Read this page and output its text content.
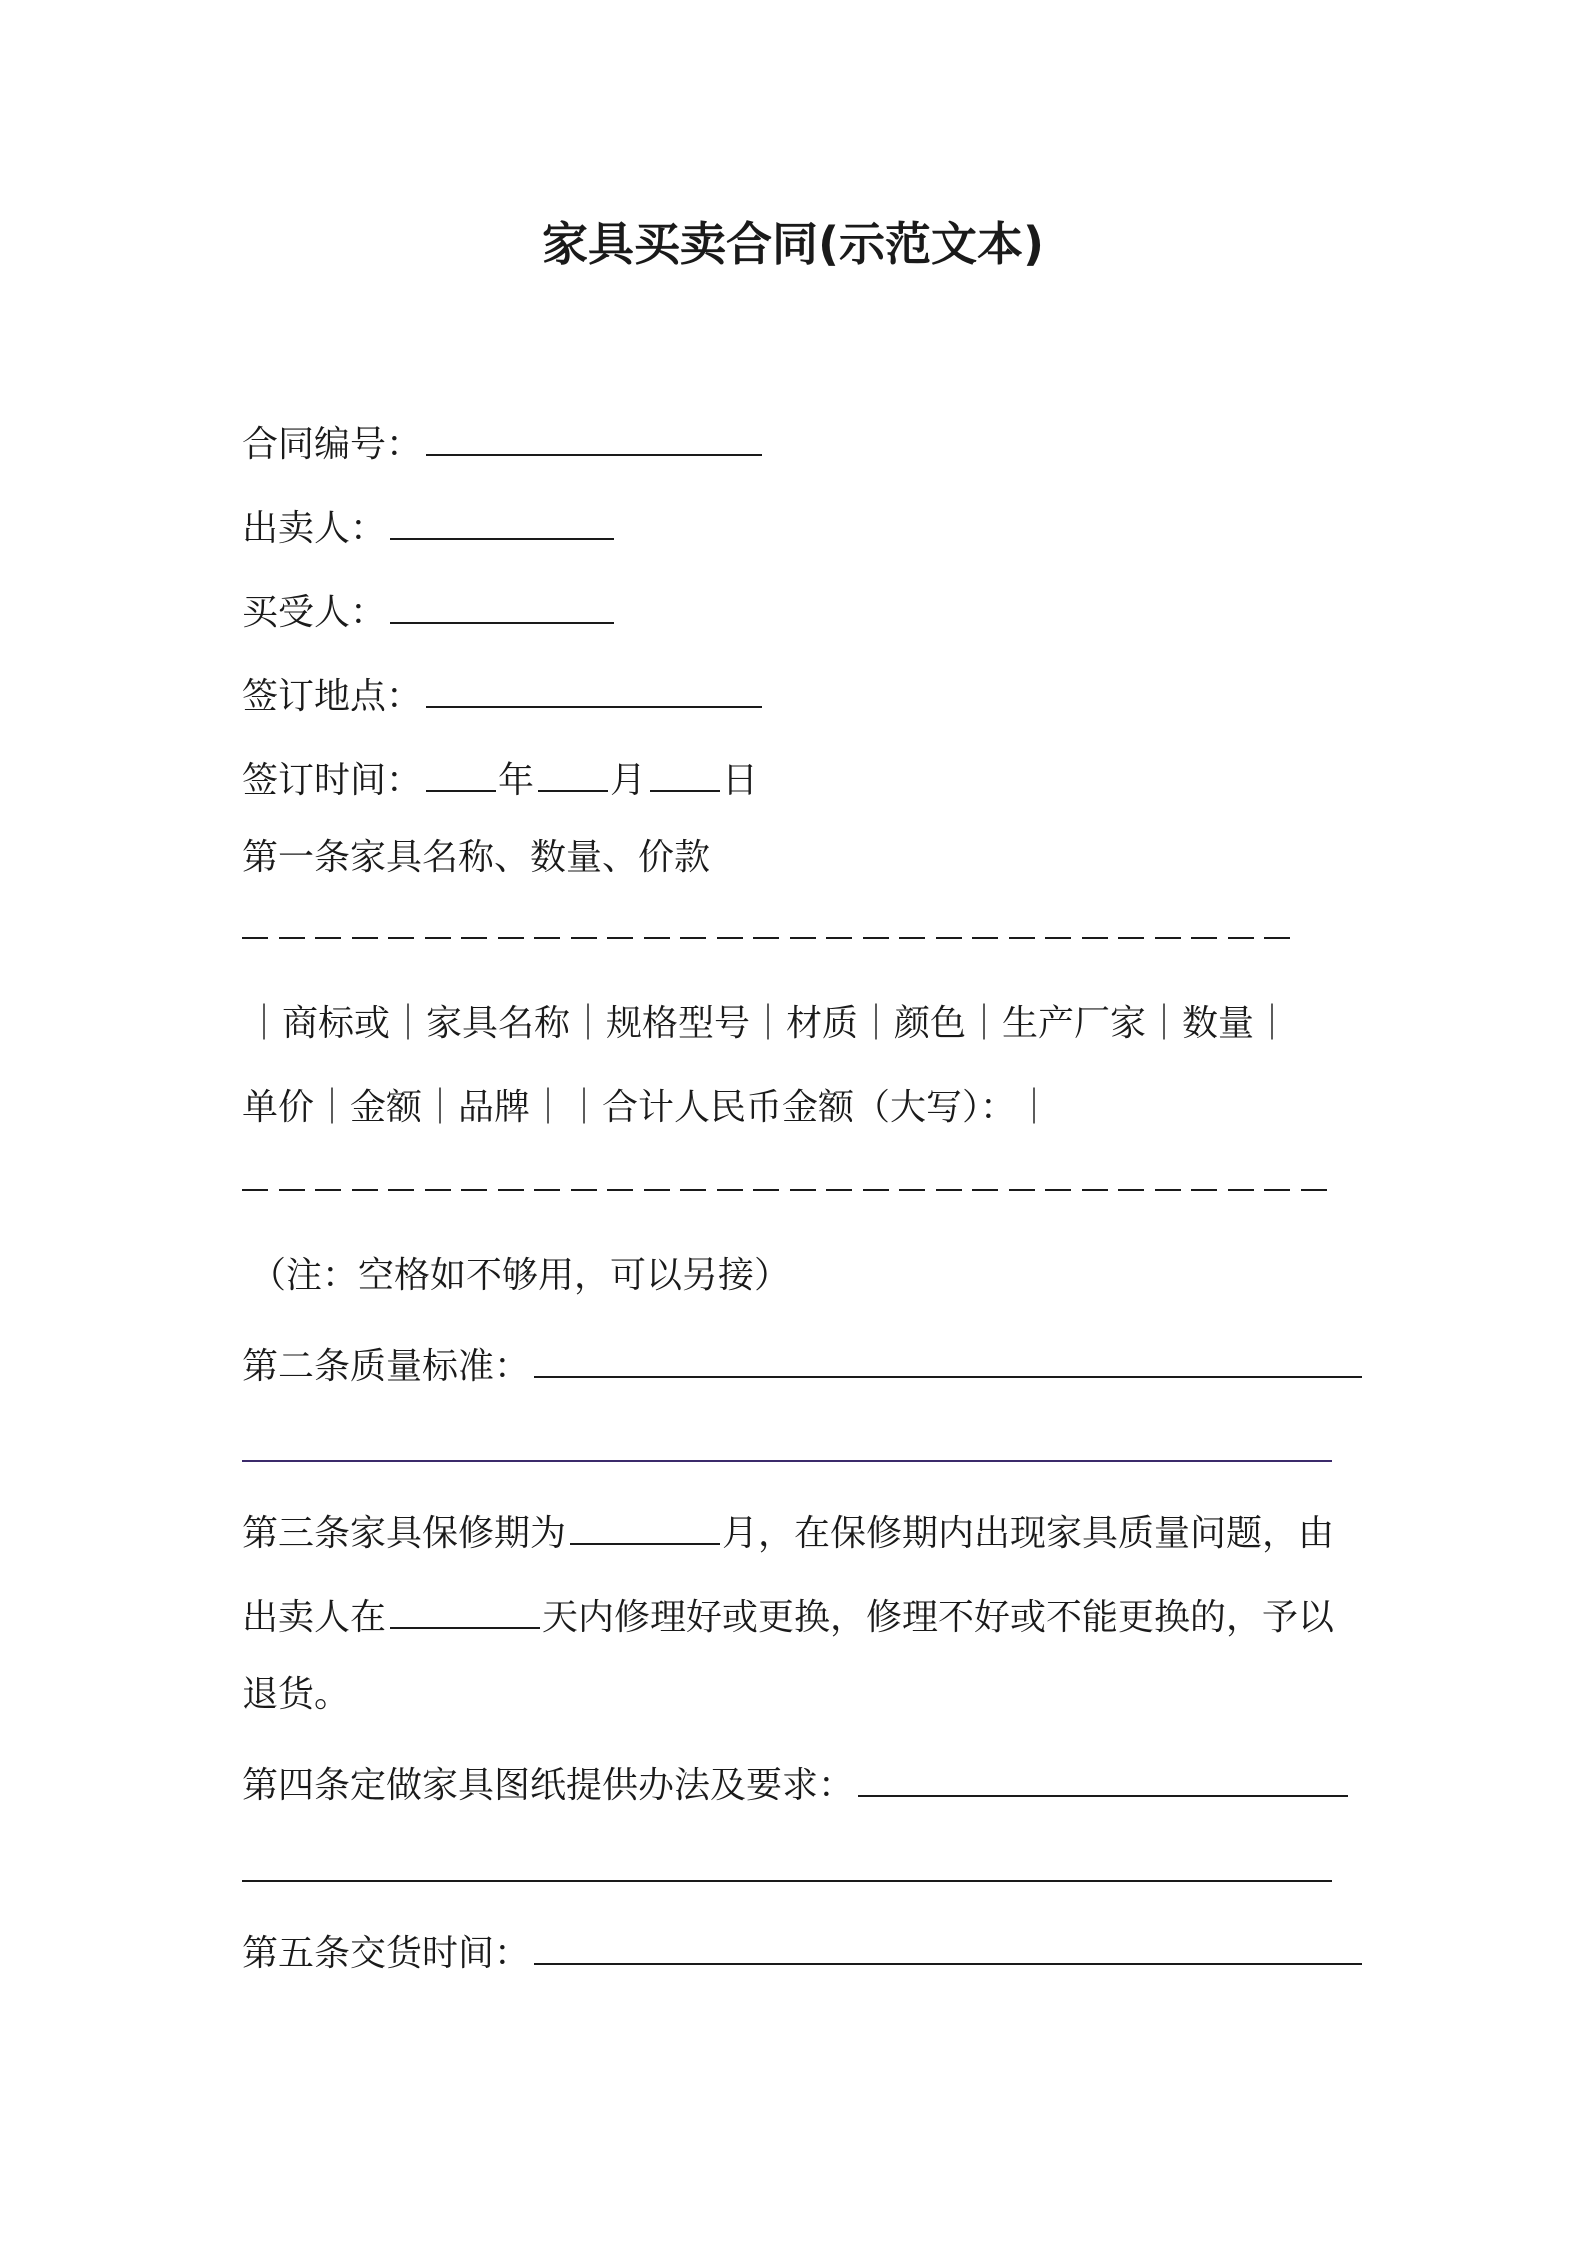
家具买卖合同(示范文本)
合同编号：
出卖人：
买受人：
签订地点：
签订时间： 年 月 日
第一条家具名称、数量、价款
｜商标或｜家具名称｜规格型号｜材质｜颜色｜生产厂家｜数量｜
单价｜金额｜品牌｜｜合计人民币金额（大写）：｜
（注：空格如不够用，可以另接）
第二条质量标准：
第三条家具保修期为	月，在保修期内出现家具质量问题，由
出卖人在	天内修理好或更换，修理不好或不能更换的，予以
退货。
第四条定做家具图纸提供办法及要求：
第五条交货时间：
